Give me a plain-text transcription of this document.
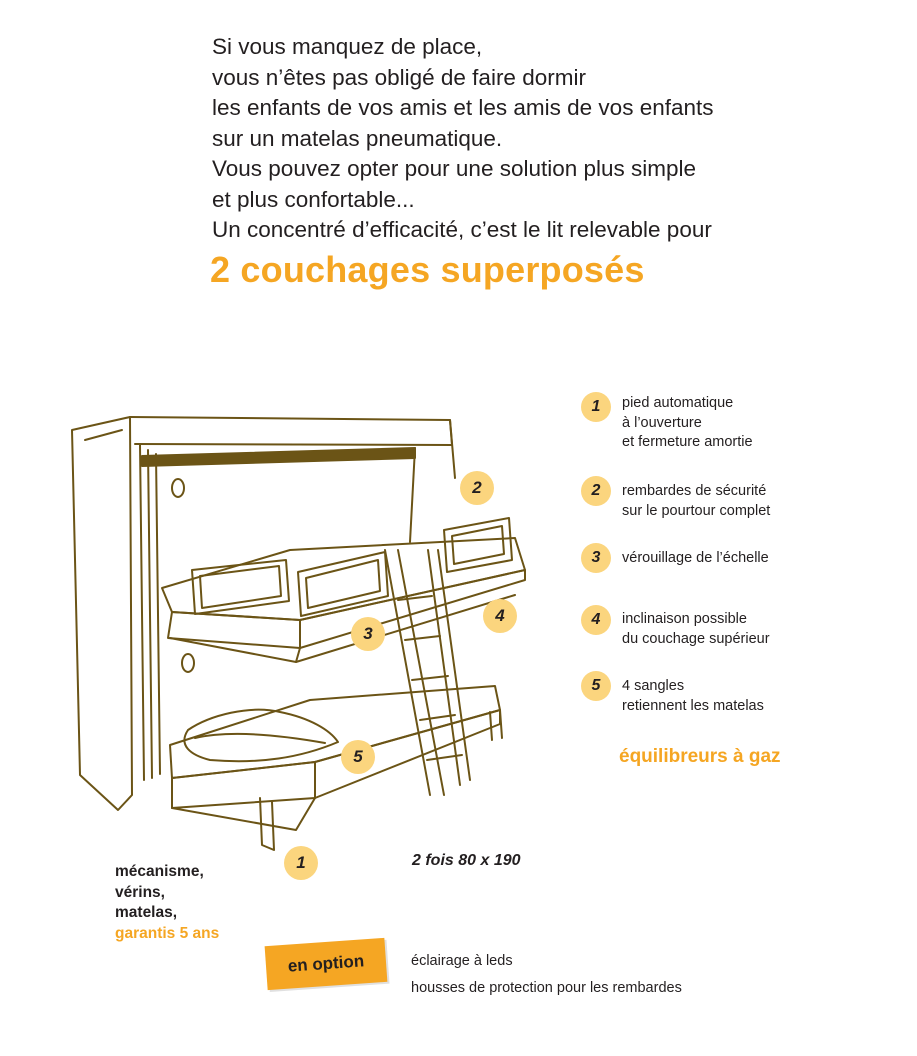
Si vous manquez de place,
vous n’êtes pas obligé de faire dormir
les enfants de vos amis et les amis de vos enfants
sur un matelas pneumatique.
Vous pouvez opter pour une solution plus simple
et plus confortable...
Un concentré d’efficacité, c’est le lit relevable pour
2 couchages superposés
2
4
3
5
1
1	pied automatique
à l’ouverture
et fermeture amortie
2	rembardes de sécurité
sur le pourtour complet
3	vérouillage de l’échelle
4	inclinaison possible
du couchage supérieur
5	4 sangles
retiennent les matelas
équilibreurs à gaz
2 fois 80 x 190
mécanisme,
vérins,
matelas,
garantis 5 ans
en option	éclairage à leds
housses de protection pour les rembardes
